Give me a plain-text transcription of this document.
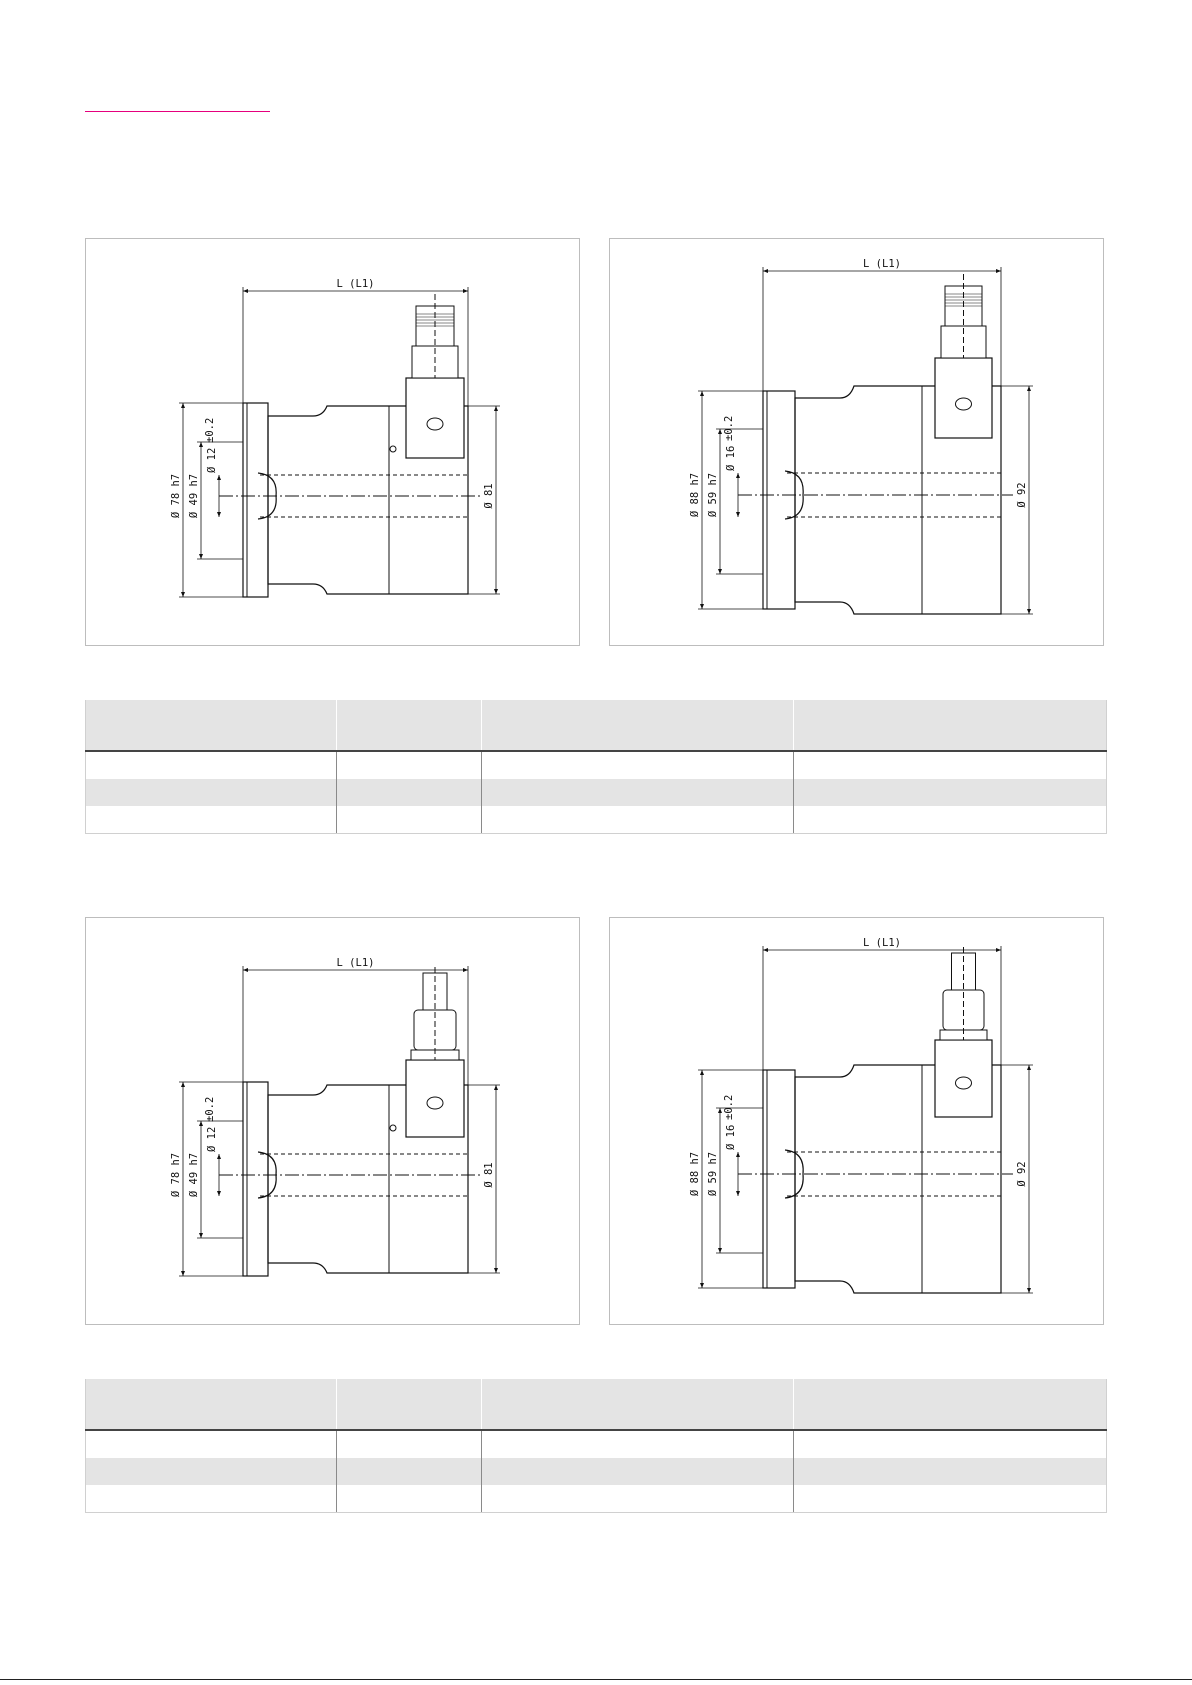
L (L1)
Ø 78 h7 Ø 49 h7
Ø 12
±0.2
Ø 81
L (L1)
Ø 88 h7 Ø 59 h7
Ø 16
±0.2
Ø 92
L (L1)
Ø 78 h7 Ø 49 h7
Ø 12
±0.2
Ø 81
L (L1)
Ø 88 h7 Ø 59 h7
Ø 16
±0.2
Ø 92
